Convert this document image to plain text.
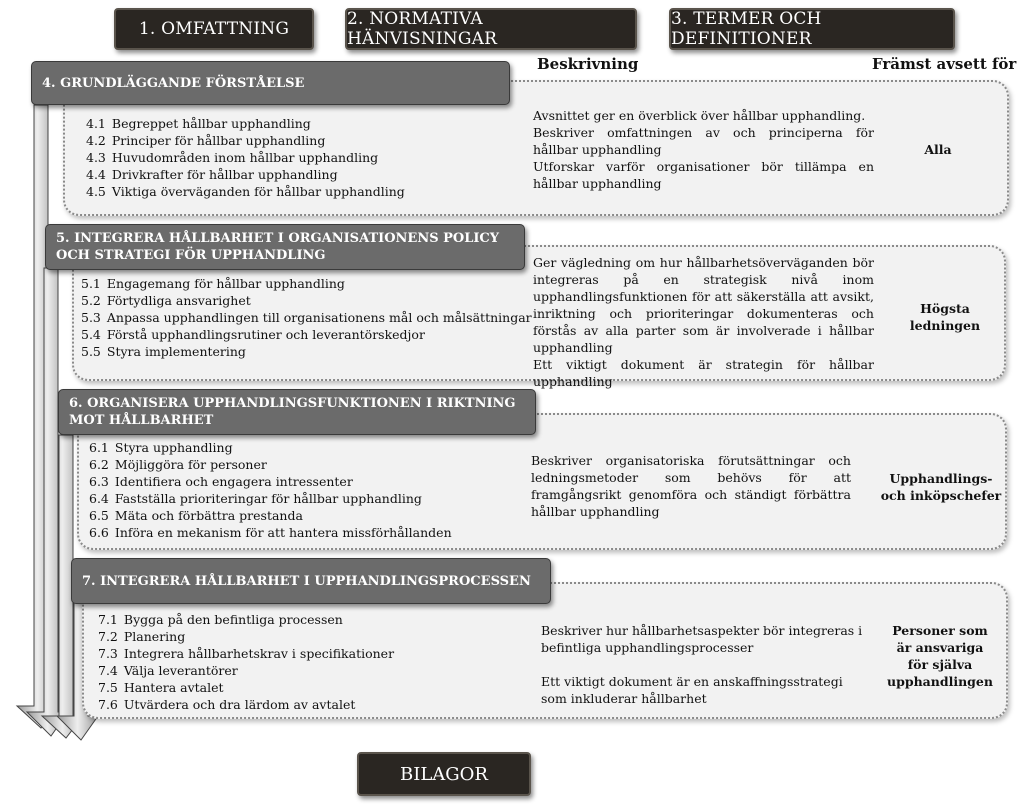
1. OMFATTNING	2. NORMATIVA HÄNVISNINGAR
3. TERMER OCH DEFINITIONER
Beskrivning	Främst avsett för
4. GRUNDLÄGGANDE FÖRSTÅELSE
4.1 Begreppet hållbar upphandling
4.2 Principer för hållbar upphandling
4.3 Huvudområden inom hållbar upphandling
4.4 Drivkrafter för hållbar upphandling
4.5 Viktiga överväganden för hållbar upphandling

Avsnittet ger en överblick över hållbar upphandling.

Beskriver omfattningen av och principerna för hållbar upphandling

Utforskar varför organisationer bör tillämpa en hållbar upphandling

Alla
5. INTEGRERA HÅLLBARHET I ORGANISATIONENS POLICY OCH STRATEGI FÖR UPPHANDLING
5.1 Engagemang för hållbar upphandling
5.2 Förtydliga ansvarighet
5.3 Anpassa upphandlingen till organisationens mål och målsättningar
5.4 Förstå upphandlingsrutiner och leverantörskedjor
5.5 Styra implementering

Ger vägledning om hur hållbarhetsöverväganden bör integreras på en strategisk nivå inom upphandlingsfunktionen för att säkerställa att avsikt, inriktning och prioriteringar dokumenteras och förstås av alla parter som är involverade i hållbar upphandling

Ett viktigt dokument är strategin för hållbar upphandling

Högsta ledningen
6. ORGANISERA UPPHANDLINGSFUNKTIONEN I RIKTNING MOT HÅLLBARHET
6.1 Styra upphandling
6.2 Möjliggöra för personer
6.3 Identifiera och engagera intressenter
6.4 Fastställa prioriteringar för hållbar upphandling
6.5 Mäta och förbättra prestanda
6.6 Införa en mekanism för att hantera missförhållanden

Beskriver organisatoriska förutsättningar och ledningsmetoder som behövs för att framgångsrikt genomföra och ständigt förbättra hållbar upphandling

Upphandlings- och inköpschefer
7. INTEGRERA HÅLLBARHET I UPPHANDLINGSPROCESSEN
7.1 Bygga på den befintliga processen
7.2 Planering
7.3 Integrera hållbarhetskrav i specifikationer
7.4 Välja leverantörer
7.5 Hantera avtalet
7.6 Utvärdera och dra lärdom av avtalet

Beskriver hur hållbarhetsaspekter bör integreras i befintliga upphandlingsprocesser

Ett viktigt dokument är en anskaffningsstrategi som inkluderar hållbarhet

Personer som är ansvariga för själva upphandlingen
BILAGOR
